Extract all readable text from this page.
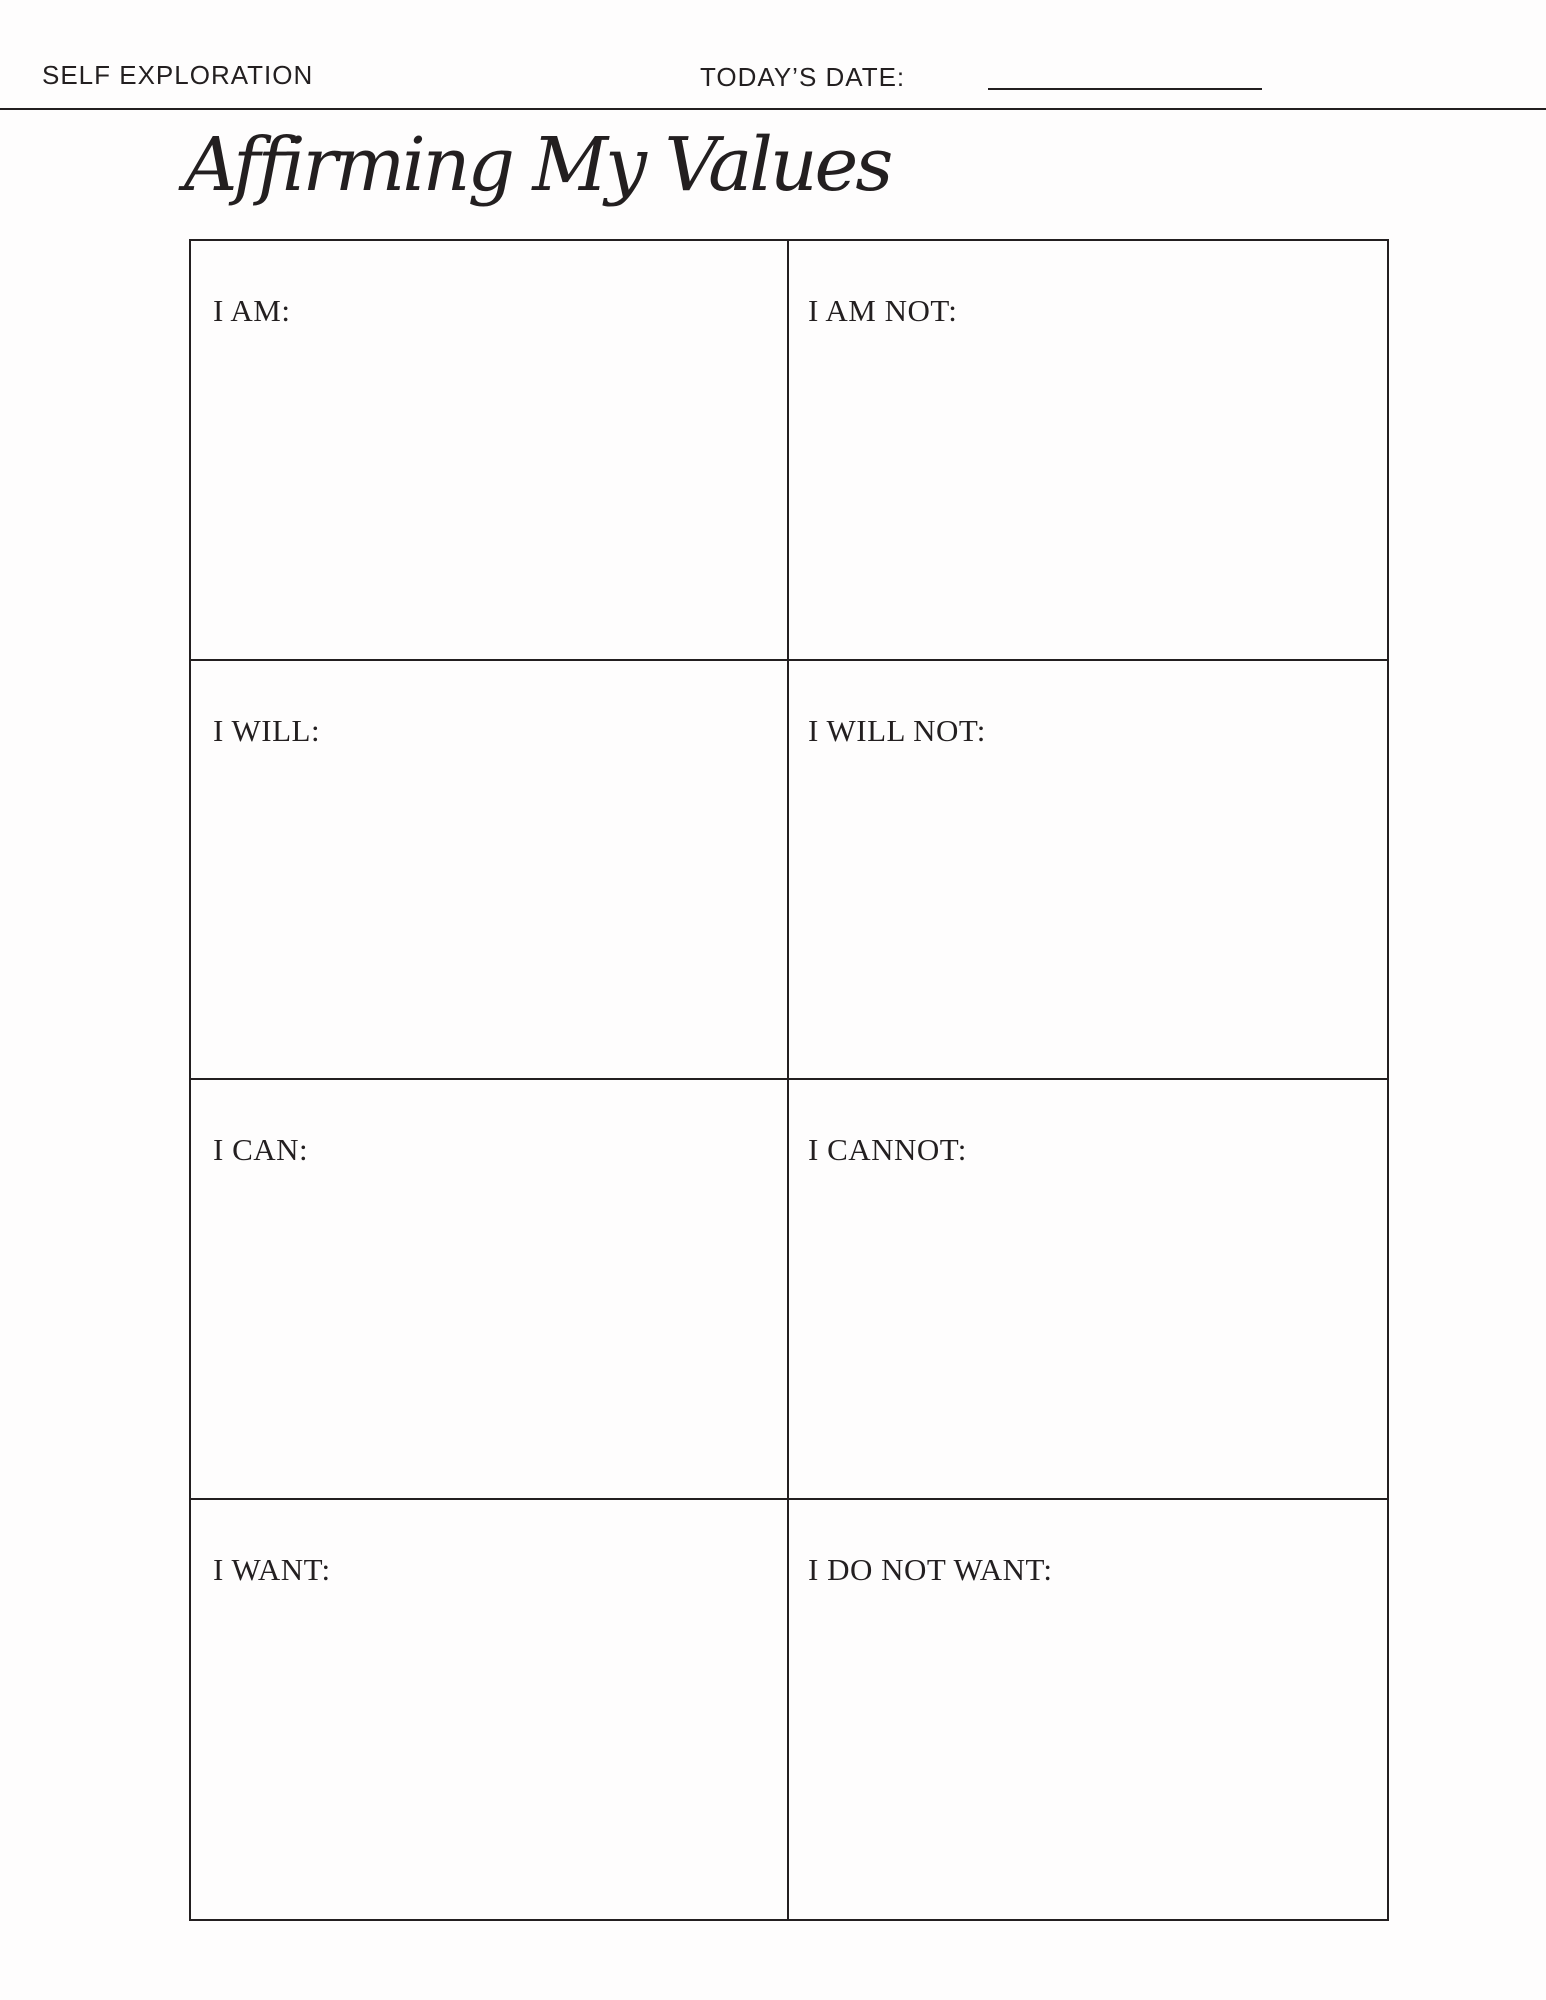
SELF EXPLORATION	TODAY’S DATE:
Affirming My Values
I AM:	I AM NOT:
I WILL:	I WILL NOT:
I CAN:	I CANNOT:
I WANT:	I DO NOT WANT:
